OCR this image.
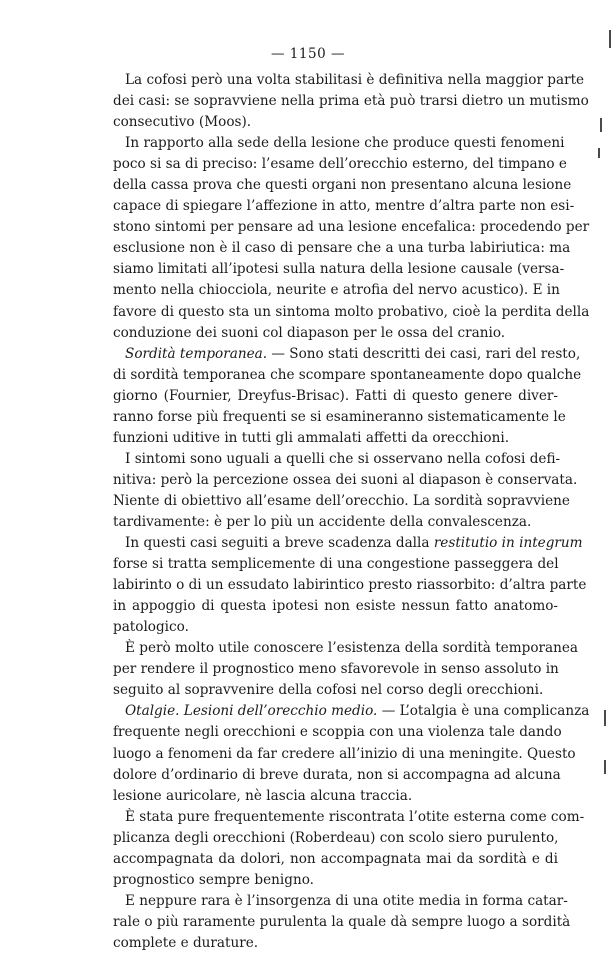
— 1150 —
La cofosi però una volta stabilitasi è definitiva nella maggior parte
dei casi: se sopravviene nella prima età può trarsi dietro un mutismo
consecutivo (Moos).
In rapporto alla sede della lesione che produce questi fenomeni
poco si sa di preciso: l’esame dell’orecchio esterno, del timpano e
della cassa prova che questi organi non presentano alcuna lesione
capace di spiegare l’affezione in atto, mentre d’altra parte non esi-
stono sintomi per pensare ad una lesione encefalica: procedendo per
esclusione non è il caso di pensare che a una turba labiriutica: ma
siamo limitati all’ipotesi sulla natura della lesione causale (versa-
mento nella chiocciola, neurite e atrofia del nervo acustico). E in
favore di questo sta un sintoma molto probativo, cioè la perdita della
conduzione dei suoni col diapason per le ossa del cranio.
Sordità temporanea. — Sono stati descritti dei casi, rari del resto,
di sordità temporanea che scompare spontaneamente dopo qualche
giorno (Fournier, Dreyfus-Brisac). Fatti di questo genere diver-
ranno forse più frequenti se si esamineranno sistematicamente le
funzioni uditive in tutti gli ammalati affetti da orecchioni.
I sintomi sono uguali a quelli che si osservano nella cofosi defi-
nitiva: però la percezione ossea dei suoni al diapason è conservata.
Niente di obiettivo all’esame dell’orecchio. La sordità sopravviene
tardivamente: è per lo più un accidente della convalescenza.
In questi casi seguiti a breve scadenza dalla restitutio in integrum
forse si tratta semplicemente di una congestione passeggera del
labirinto o di un essudato labirintico presto riassorbito: d’altra parte
in appoggio di questa ipotesi non esiste nessun fatto anatomo-
patologico.
È però molto utile conoscere l’esistenza della sordità temporanea
per rendere il prognostico meno sfavorevole in senso assoluto in
seguito al sopravvenire della cofosi nel corso degli orecchioni.
Otalgie. Lesioni dell’orecchio medio. — L’otalgia è una complicanza
frequente negli orecchioni e scoppia con una violenza tale dando
luogo a fenomeni da far credere all’inizio di una meningite. Questo
dolore d’ordinario di breve durata, non si accompagna ad alcuna
lesione auricolare, nè lascia alcuna traccia.
È stata pure frequentemente riscontrata l’otite esterna come com-
plicanza degli orecchioni (Roberdeau) con scolo siero purulento,
accompagnata da dolori, non accompagnata mai da sordità e di
prognostico sempre benigno.
E neppure rara è l’insorgenza di una otite media in forma catar-
rale o più raramente purulenta la quale dà sempre luogo a sordità
complete e durature.
